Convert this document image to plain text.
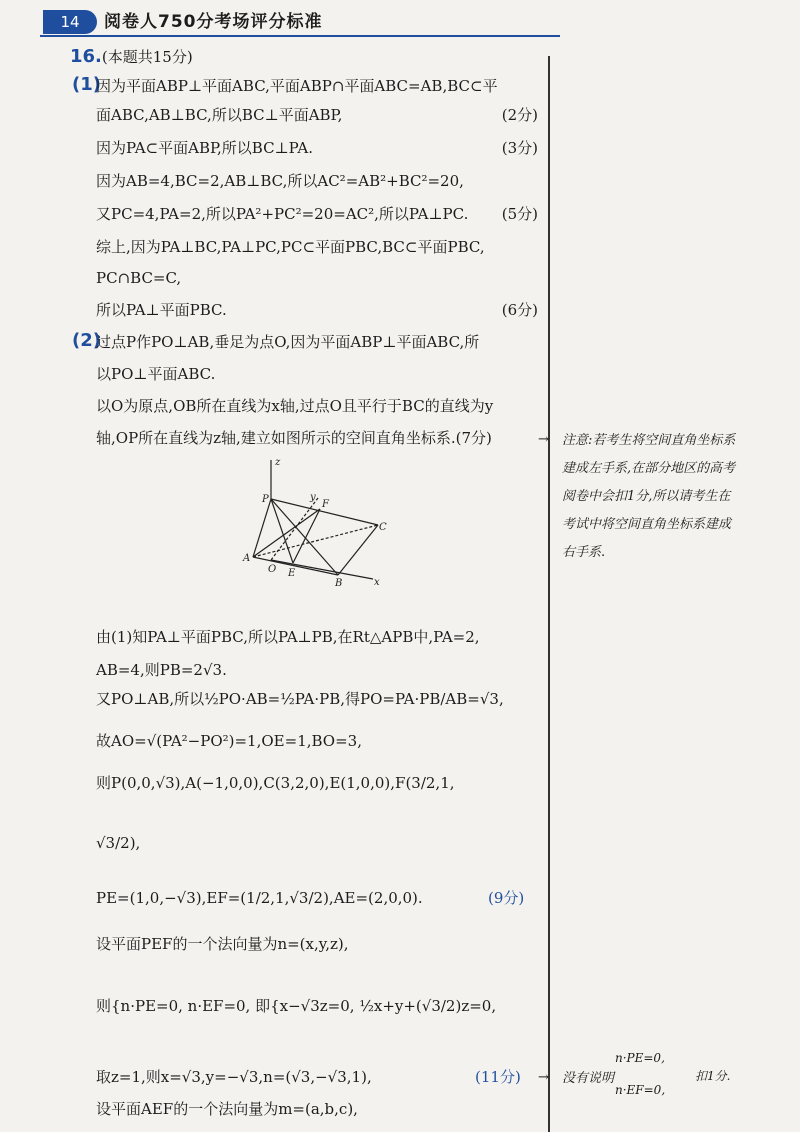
14	阅卷人750分考场评分标准
16.(本题共15分)
(1)
因为平面ABP⊥平面ABC,平面ABP∩平面ABC=AB,BC⊂平
面ABC,AB⊥BC,所以BC⊥平面ABP,	(2分)
因为PA⊂平面ABP,所以BC⊥PA.	(3分)
因为AB=4,BC=2,AB⊥BC,所以AC²=AB²+BC²=20,
又PC=4,PA=2,所以PA²+PC²=20=AC²,所以PA⊥PC. (5分)
综上,因为PA⊥BC,PA⊥PC,PC⊂平面PBC,BC⊂平面PBC,
PC∩BC=C,
所以PA⊥平面PBC.	(6分)
(2)
过点P作PO⊥AB,垂足为点O,因为平面ABP⊥平面ABC,所
以PO⊥平面ABC.
以O为原点,OB所在直线为x轴,过点O且平行于BC的直线为y
轴,OP所在直线为z轴,建立如图所示的空间直角坐标系.(7分)
z
P	y
F
C
A
O E
B	x
由(1)知PA⊥平面PBC,所以PA⊥PB,在Rt△APB中,PA=2,
AB=4,则PB=2√3.
又PO⊥AB,所以½PO·AB=½PA·PB,得PO=PA·PB/AB=√3,
故AO=√(PA²−PO²)=1,OE=1,BO=3,
则P(0,0,√3),A(−1,0,0),C(3,2,0),E(1,0,0),F(3/2,1,
√3/2),
PE=(1,0,−√3),EF=(1/2,1,√3/2),AE=(2,0,0).	(9分)
设平面PEF的一个法向量为n=(x,y,z),
则{n·PE=0, n·EF=0, 即{x−√3z=0, ½x+y+(√3/2)z=0,
取z=1,则x=√3,y=−√3,n=(√3,−√3,1),	(11分)
设平面AEF的一个法向量为m=(a,b,c),
→ 注意:若考生将空间直角坐标系
建成左手系,在部分地区的高考
阅卷中会扣1分,所以请考生在
考试中将空间直角坐标系建成
右手系.
→ 没有说明
n·PE=0,
n·EF=0,
扣1分.
